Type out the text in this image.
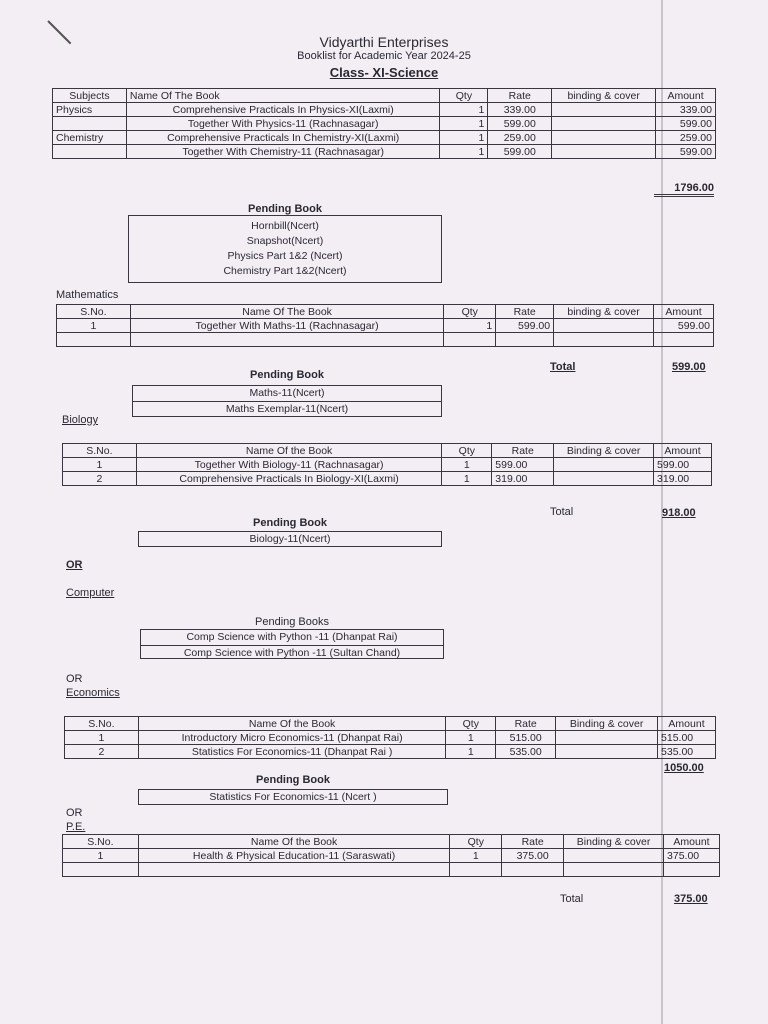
Vidyarthi Enterprises
Booklist for Academic Year 2024-25
Class- XI-Science
Subjects	Name Of The Book	Qty	Rate	binding & cover	Amount
Physics	Comprehensive Practicals In Physics-XI(Laxmi)	1	339.00		339.00
	Together With Physics-11 (Rachnasagar)	1	599.00		599.00
Chemistry	Comprehensive Practicals In Chemistry-XI(Laxmi)	1	259.00		259.00
	Together With Chemistry-11 (Rachnasagar)	1	599.00		599.00
1796.00
Pending Book
Hornbill(Ncert)
Snapshot(Ncert)
Physics Part 1&2 (Ncert)
Chemistry Part 1&2(Ncert)
Mathematics
S.No.	Name Of The Book	Qty	Rate	binding & cover	Amount
1	Together With Maths-11 (Rachnasagar)	1	599.00		599.00

Total	599.00
Pending Book
Maths-11(Ncert)
Maths Exemplar-11(Ncert)
Biology
S.No.	Name Of the Book	Qty	Rate	Binding & cover	Amount
1	Together With Biology-11 (Rachnasagar)	1	599.00		599.00
2	Comprehensive Practicals In Biology-XI(Laxmi)	1	319.00		319.00
Total	918.00
Pending Book
Biology-11(Ncert)
OR
Computer
Pending Books
Comp Science with Python -11 (Dhanpat Rai)
Comp Science with Python -11 (Sultan Chand)
OR
Economics
S.No.	Name Of the Book	Qty	Rate	Binding & cover	Amount
1	Introductory Micro Economics-11 (Dhanpat Rai)	1	515.00		515.00
2	Statistics For Economics-11 (Dhanpat Rai )	1	535.00		535.00
1050.00
Pending Book
Statistics For Economics-11 (Ncert )
OR
P.E.
S.No.	Name Of the Book	Qty	Rate	Binding & cover	Amount
1	Health & Physical Education-11 (Saraswati)	1	375.00		375.00

Total	375.00
